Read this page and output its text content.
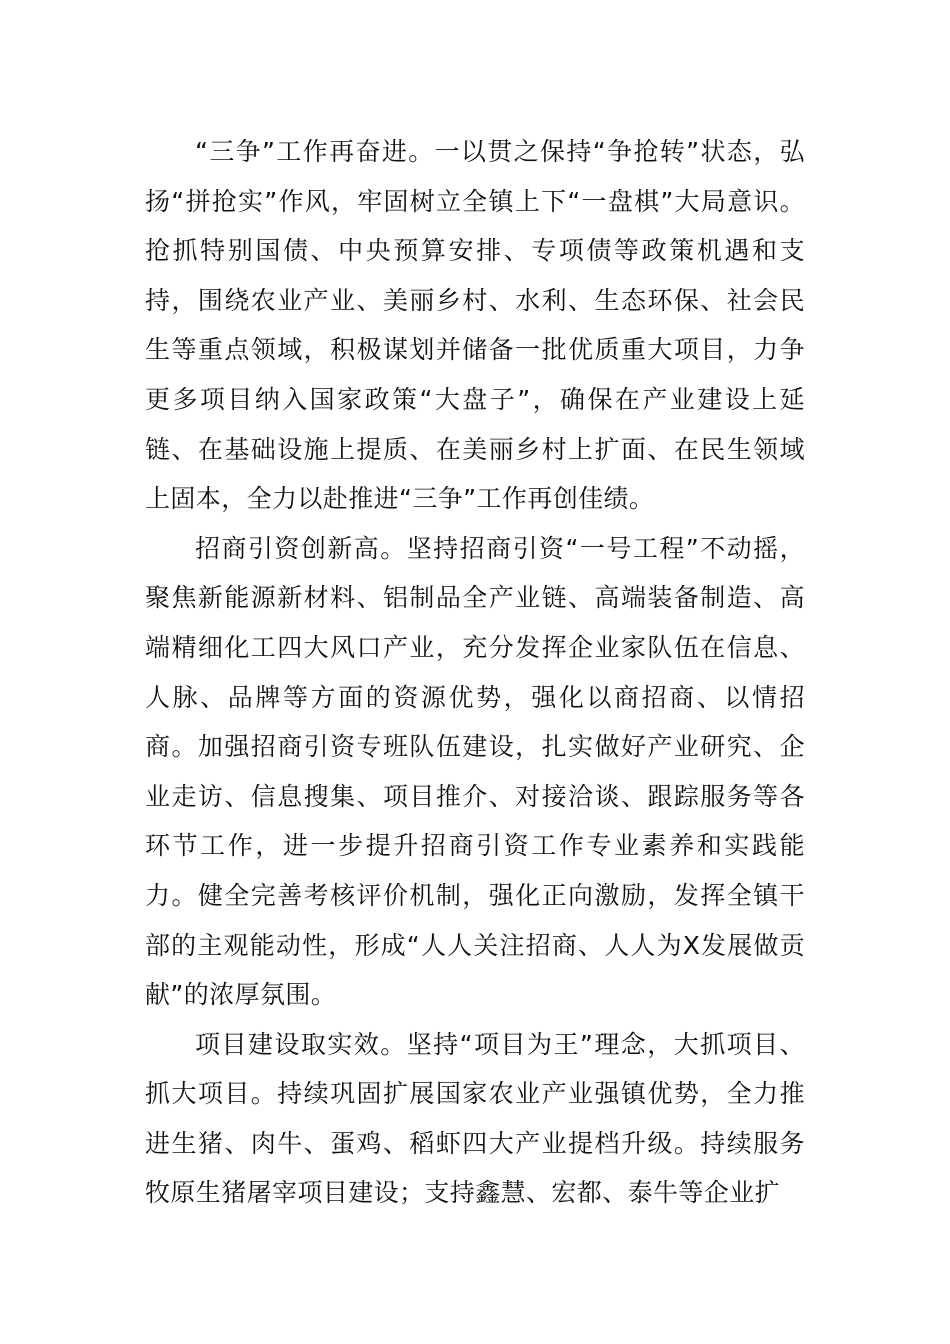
“三争”工作再奋进。一以贯之保持“争抢转”状态，弘扬“拼抢实”作风，牢固树立全镇上下“一盘棋”大局意识。抢抓特别国债、中央预算安排、专项债等政策机遇和支持，围绕农业产业、美丽乡村、水利、生态环保、社会民生等重点领域，积极谋划并储备一批优质重大项目，力争更多项目纳入国家政策“大盘子”，确保在产业建设上延链、在基础设施上提质、在美丽乡村上扩面、在民生领域上固本，全力以赴推进“三争”工作再创佳绩。

招商引资创新高。坚持招商引资“一号工程”不动摇，聚焦新能源新材料、铝制品全产业链、高端装备制造、高端精细化工四大风口产业，充分发挥企业家队伍在信息、人脉、品牌等方面的资源优势，强化以商招商、以情招商。加强招商引资专班队伍建设，扎实做好产业研究、企业走访、信息搜集、项目推介、对接洽谈、跟踪服务等各环节工作，进一步提升招商引资工作专业素养和实践能力。健全完善考核评价机制，强化正向激励，发挥全镇干部的主观能动性，形成“人人关注招商、人人为X发展做贡献”的浓厚氛围。

项目建设取实效。坚持“项目为王”理念，大抓项目、抓大项目。持续巩固扩展国家农业产业强镇优势，全力推进生猪、肉牛、蛋鸡、稻虾四大产业提档升级。持续服务牧原生猪屠宰项目建设；支持鑫慧、宏都、泰牛等企业扩
